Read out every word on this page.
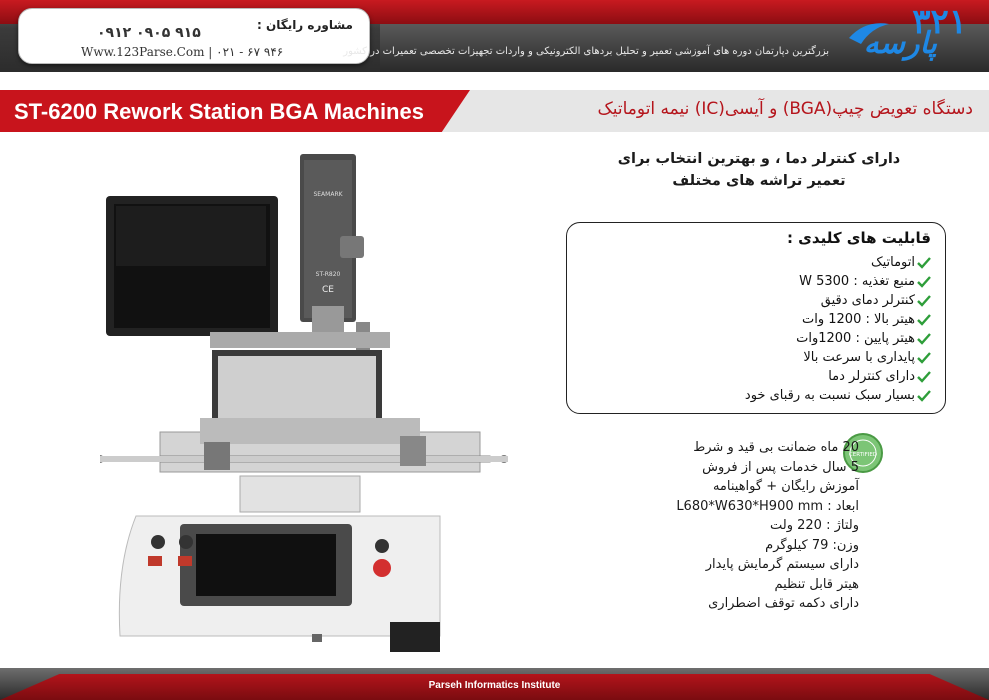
مشاوره رایگان :
۰۹۱۲ ۰۹۰۵ ۹۱۵
Www.123Parse.Com | ۰۲۱ - ۶۷ ۹۴۶	بزرگترین دپارتمان دوره های آموزشی تعمیر و تحلیل بردهای الکترونیکی و واردات تجهیزات تخصصی تعمیرات در کشور
۳۲۱
پارسه
ST-6200 Rework Station BGA Machines	دستگاه تعویض چیپ(BGA) و آیسی(IC) نیمه اتوماتیک
SEAMARK
ST-R820
CE
دارای کنترلر دما ، و بهترین انتخاب برای
تعمیر تراشه های مختلف
قابلیت های کلیدی :
اتوماتیک
منبع تغذیه : W 5300
کنترلر دمای دقیق
هیتر بالا : 1200 وات
هیتر پایین : 1200وات
پایداری با سرعت بالا
دارای کنترلر دما
بسیار سبک نسبت به رقبای خود
CERTIFIED
20 ماه ضمانت بی قید و شرط
5 سال خدمات پس از فروش
آموزش رایگان + گواهینامه
ابعاد : L680*W630*H900 mm
ولتاژ : 220 ولت
وزن: 79 کیلوگرم
دارای سیستم گرمایش پایدار
هیتر قابل تنظیم
دارای دکمه توقف اضطراری
Parseh Informatics Institute
